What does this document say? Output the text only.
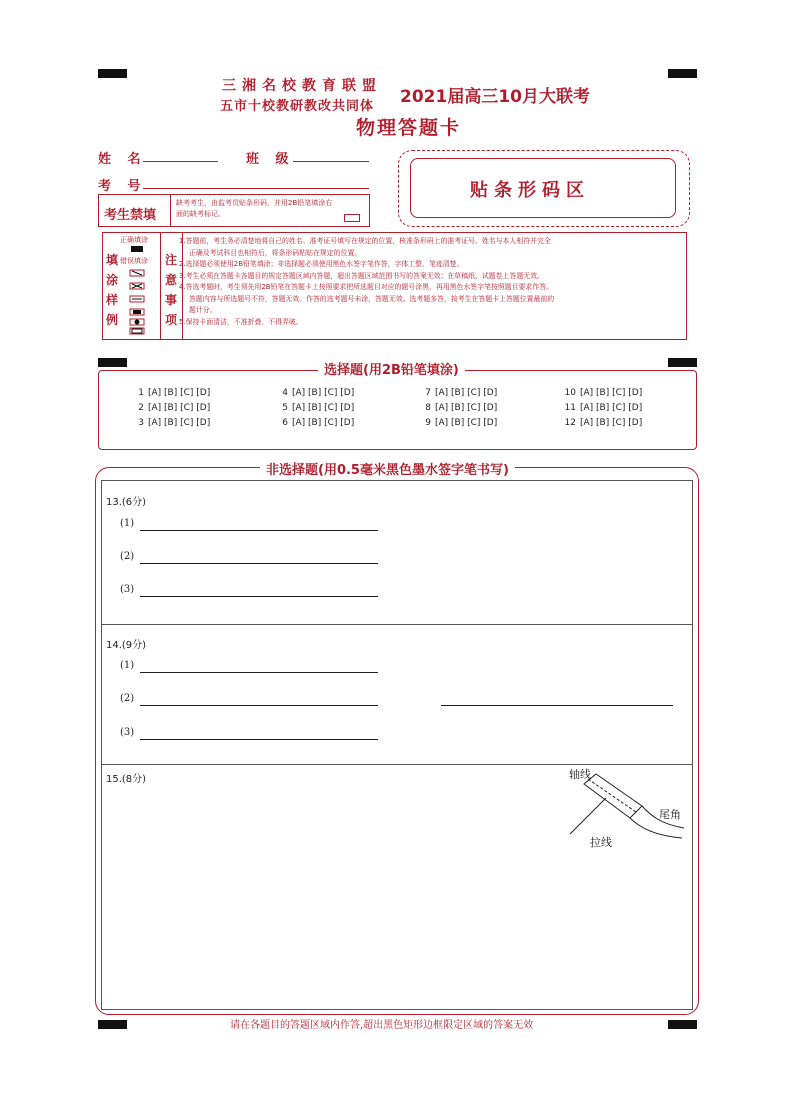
三湘名校教育联盟
五市十校教研教改共同体 2021届高三10月大联考
物理答题卡
姓 名	班 级
考 号	贴条形码区
考生禁填
缺考考生，由监考员贴条形码，并用2B铅笔填涂右面的缺考标记。
填
涂
样
例
正确填涂
错误填涂 注
意
事
项
1.答题前，考生务必清楚地将自己的姓名、准考证号填写在规定的位置，核准条形码上的准考证号、姓名与本人相符并完全
正确及考试科目也相符后，将条形码粘贴在规定的位置。
2.选择题必须使用2B铅笔填涂；非选择题必须使用黑色水签字笔作答，字体工整、笔迹清楚。
3.考生必须在答题卡各题目的规定答题区域内答题，超出答题区域范围书写的答案无效；在草稿纸、试题卷上答题无效。
4.答选考题时，考生须先用2B铅笔在答题卡上按照要求把所选题目对应的题号涂黑，再用黑色水签字笔按照题目要求作答。
答题内容与所选题号不符，答题无效。作答的选考题号未涂，答题无效。选考题多答，按考生在答题卡上答题位置最前的
题计分。
5.保持卡面清洁，不准折叠、不得弄破。
选择题(用2B铅笔填涂)
1 [A] [B] [C] [D]
2 [A] [B] [C] [D]
3 [A] [B] [C] [D]
4 [A] [B] [C] [D]
5 [A] [B] [C] [D]
6 [A] [B] [C] [D]
7 [A] [B] [C] [D]
8 [A] [B] [C] [D]
9 [A] [B] [C] [D]
10 [A] [B] [C] [D]
11 [A] [B] [C] [D]
12 [A] [B] [C] [D]
非选择题(用0.5毫米黑色墨水签字笔书写)
13.(6分)
(1)
(2)
(3)
14.(9分)
(1)
(2)
(3)
15.(8分)	轴线
尾角
拉线
请在各题目的答题区域内作答,超出黑色矩形边框限定区域的答案无效
